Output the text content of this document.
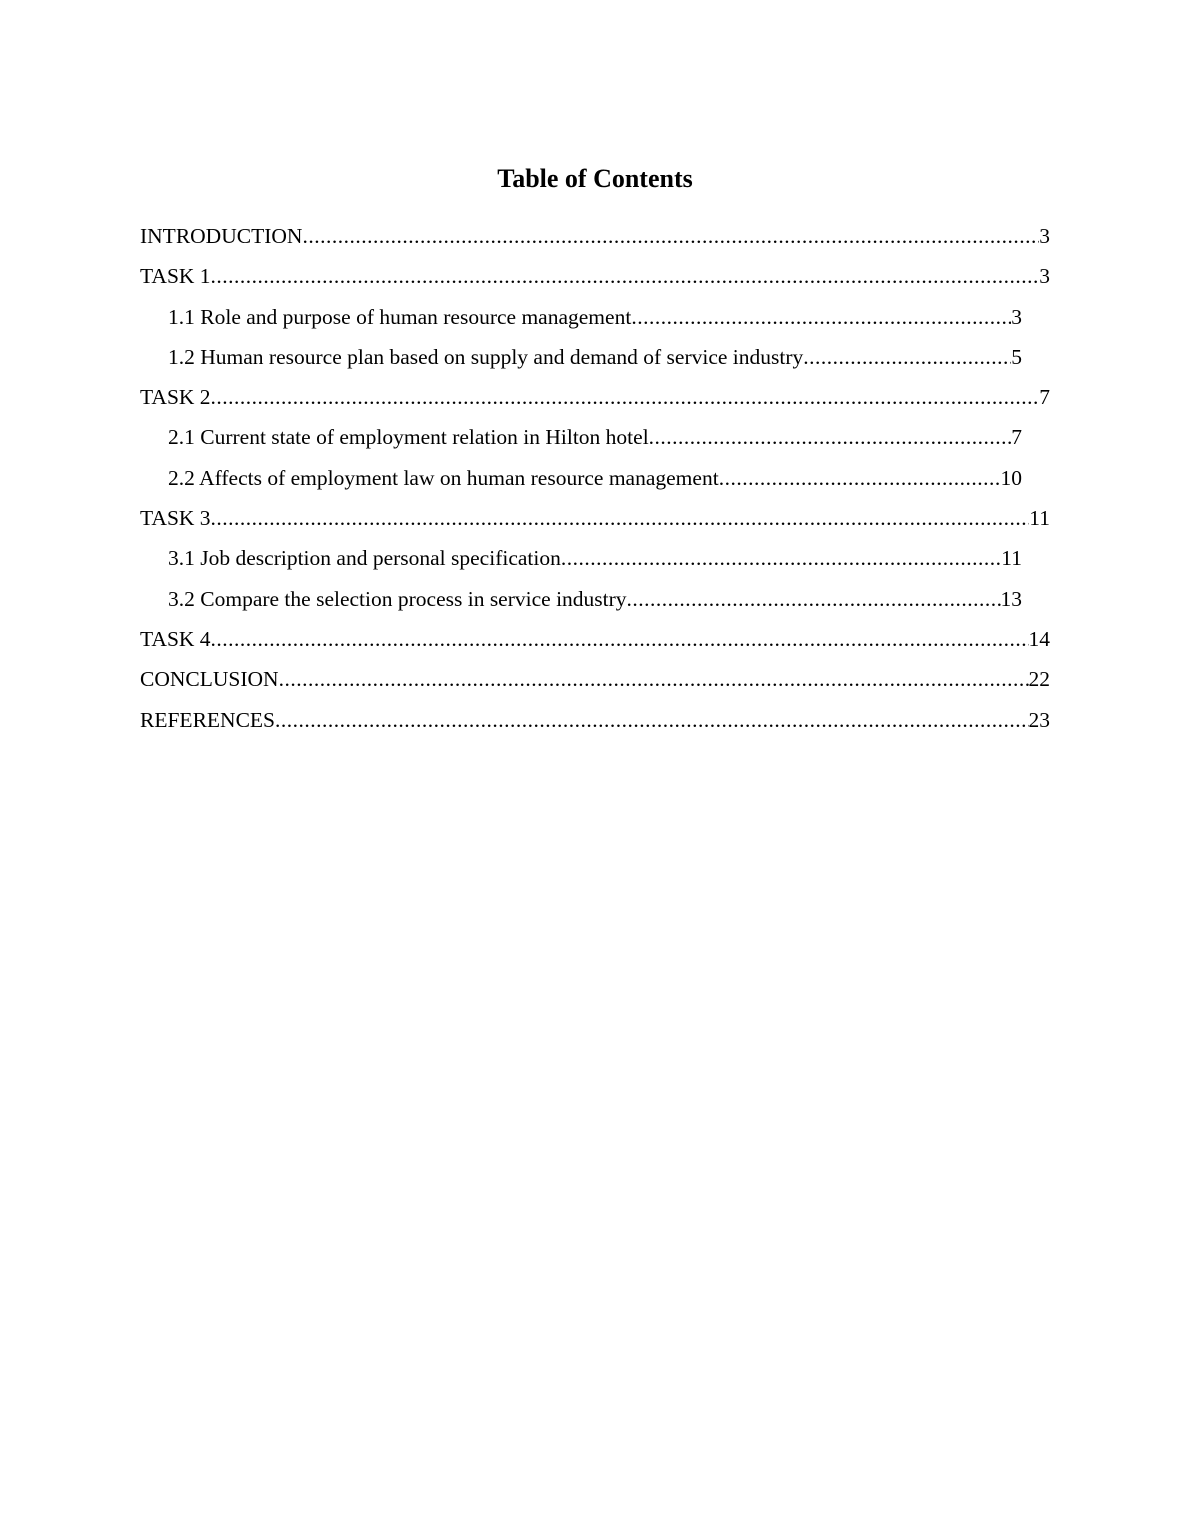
Table of Contents
INTRODUCTION .....	3
TASK 1 .....	3
1.1 Role and purpose of human resource management .....	3
1.2 Human resource plan based on supply and demand of service industry .....	5
TASK 2 .....	7
2.1 Current state of employment relation in Hilton hotel .....	7
2.2 Affects of employment law on human resource management .....	10
TASK 3 .....	11
3.1 Job description and personal specification .....	11
3.2 Compare the selection process in service industry .....	13
TASK 4 .....	14
CONCLUSION .....	22
REFERENCES .....	23
